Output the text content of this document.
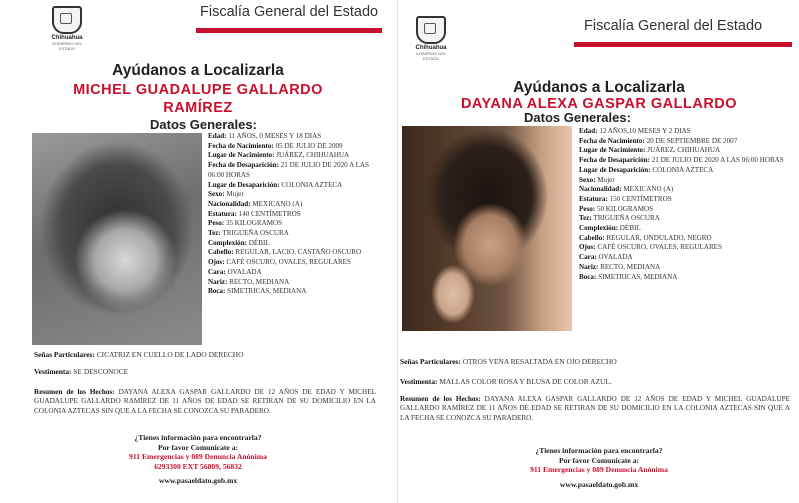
Chihuahua
GOBIERNO DEL ESTADO
Fiscalía General del Estado
Ayúdanos a Localizarla
MICHEL GUADALUPE GALLARDO
RAMÍREZ
Datos Generales:
Edad: 11 AÑOS, 0 MESES Y 18 DIAS
Fecha de Nacimiento: 05 DE JULIO DE 2009
Lugar de Nacimiento: JUÁREZ, CHIHUAHUA
Fecha de Desaparición: 21 DE JULIO DE 2020 A LAS 06:00 HORAS
Lugar de Desaparición: COLONIA AZTECA
Sexo: Mujer
Nacionalidad: MEXICANO (A)
Estatura: 140 CENTÍMETROS
Peso: 35 KILOGRAMOS
Tez: TRIGUEÑA OSCURA
Complexión: DÉBIL
Cabello: REGULAR, LACIO, CASTAÑO OSCURO
Ojos: CAFÉ OSCURO, OVALES, REGULARES
Cara: OVALADA
Nariz: RECTO, MEDIANA
Boca: SIMETRICAS, MEDIANA
Señas Particulares: CICATRIZ EN CUELLO DE LADO DERECHO
Vestimenta: SE DESCONOCE
Resumen de los Hechos: DAYANA ALEXA GASPAR GALLARDO DE 12 AÑOS DE EDAD Y MICHEL GUADALUPE GALLARDO RAMÍREZ DE 11 AÑOS DE EDAD SE RETIRAN DE SU DOMICILIO EN LA COLONIA AZTECAS SIN QUE A LA FECHA SE CONOZCA SU PARADERO.
¿Tienes información para encontrarla?
Por favor Comunicate a:
911 Emergencias y 089 Denuncia Anónima
6293300 EXT 56809, 56832
www.pasaeldato.gob.mx
Chihuahua
GOBIERNO DEL ESTADO
Fiscalía General del Estado
Ayúdanos a Localizarla
DAYANA ALEXA GASPAR GALLARDO
Datos Generales:
Edad: 12 AÑOS,10 MESES Y 2 DIAS
Fecha de Nacimiento: 20 DE SEPTIEMBRE DE 2007
Lugar de Nacimiento: JUÁREZ, CHIHUAHUA
Fecha de Desaparición: 21 DE JULIO DE 2020 A LAS 06:00 HORAS
Lugar de Desaparición: COLONIA AZTECA
Sexo: Mujer
Nacionalidad: MEXICANO (A)
Estatura: 150 CENTÍMETROS
Peso: 50 KILOGRAMOS
Tez: TRIGUEÑA OSCURA
Complexión: DÉBIL
Cabello: REGULAR, ONDULADO, NEGRO
Ojos: CAFÉ OSCURO, OVALES, REGULARES
Cara: OVALADA
Nariz: RECTO, MEDIANA
Boca: SIMETRICAS, MEDIANA
Señas Particulares: OTROS VENA RESALTADA EN OJO DERECHO
Vestimenta: MALLAS COLOR ROSA Y BLUSA DE COLOR AZUL.
Resumen de los Hechos: DAYANA ALEXA GASPAR GALLARDO DE 12 AÑOS DE EDAD Y MICHEL GUADALUPE GALLARDO RAMÍREZ DE 11 AÑOS DE EDAD SE RETIRAN DE SU DOMICILIO EN LA COLONIA AZTECAS SIN QUE A LA FECHA SE CONOZCA SU PARADERO.
¿Tienes información para encontrarla?
Por favor Comunicate a:
911 Emergencias y 089 Denuncia Anónima
www.pasaeldato.gob.mx
